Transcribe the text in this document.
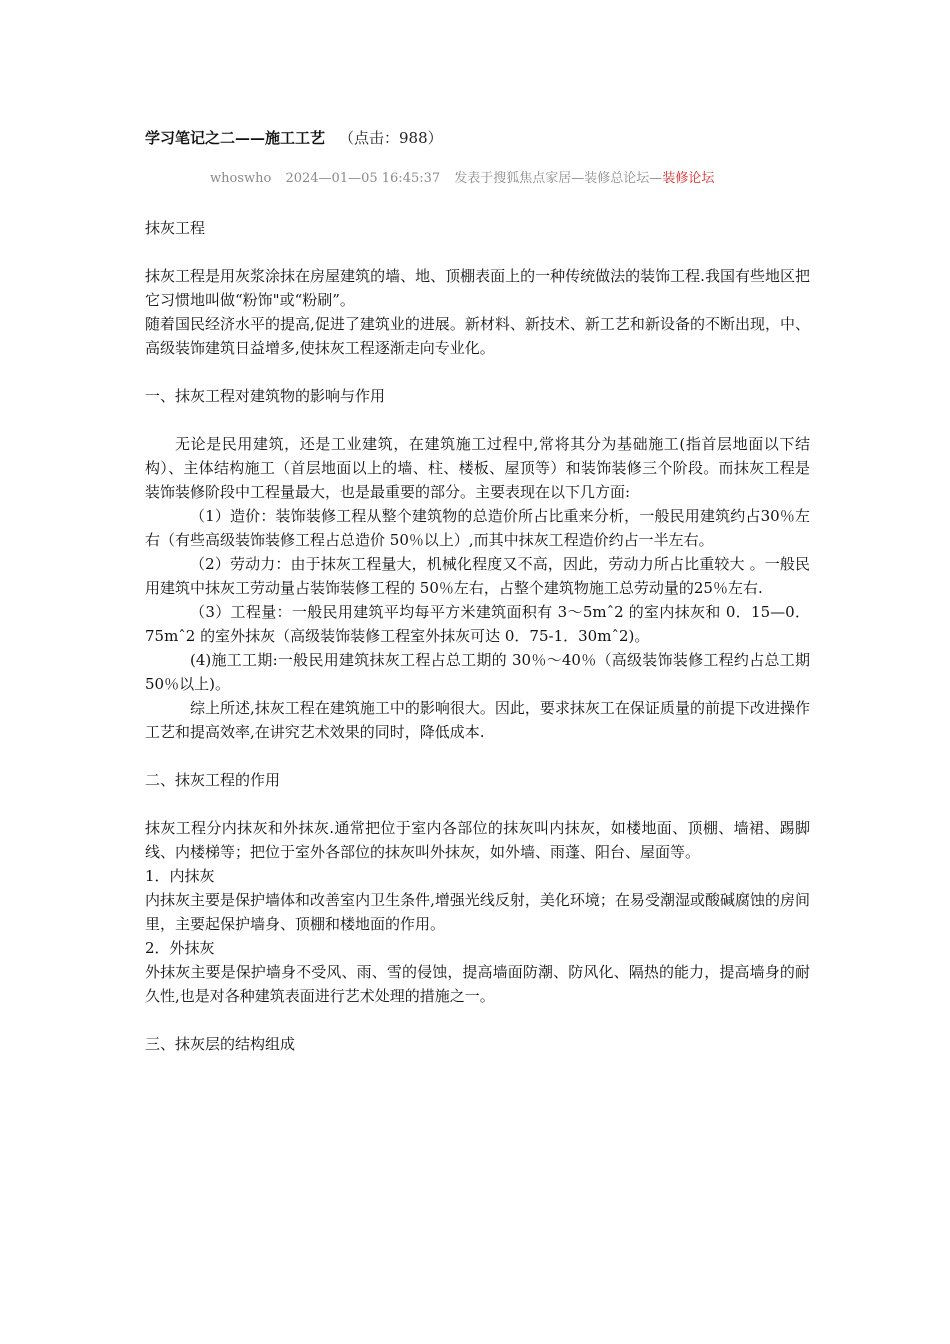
学习笔记之二——施工工艺 （点击：988）
whoswho 2024—01—05 16:45:37 发表于搜狐焦点家居—装修总论坛—装修论坛

抹灰工程

抹灰工程是用灰浆涂抹在房屋建筑的墙、地、顶棚表面上的一种传统做法的装饰工程.我国有些地区把它习惯地叫做“粉饰"或“粉刷”。

随着国民经济水平的提高,促进了建筑业的进展。新材料、新技术、新工艺和新设备的不断出现，中、高级装饰建筑日益增多,使抹灰工程逐渐走向专业化。

一、抹灰工程对建筑物的影响与作用

无论是民用建筑，还是工业建筑，在建筑施工过程中,常将其分为基础施工(指首层地面以下结构）、主体结构施工（首层地面以上的墙、柱、楼板、屋顶等）和装饰装修三个阶段。而抹灰工程是装饰装修阶段中工程量最大，也是最重要的部分。主要表现在以下几方面:

（1）造价：装饰装修工程从整个建筑物的总造价所占比重来分析，一般民用建筑约占30％左右（有些高级装饰装修工程占总造价 50％以上）,而其中抹灰工程造价约占一半左右。

（2）劳动力：由于抹灰工程量大，机械化程度又不高，因此，劳动力所占比重较大 。一般民用建筑中抹灰工劳动量占装饰装修工程的 50％左右，占整个建筑物施工总劳动量的25％左右.

（3）工程量：一般民用建筑平均每平方米建筑面积有 3～5mˆ2 的室内抹灰和 0．15—0．75mˆ2 的室外抹灰（高级装饰装修工程室外抹灰可达 0．75-1．30mˆ2)。

(4)施工工期:一般民用建筑抹灰工程占总工期的 30％～40％（高级装饰装修工程约占总工期 50％以上)。

综上所述,抹灰工程在建筑施工中的影响很大。因此，要求抹灰工在保证质量的前提下改进操作工艺和提高效率,在讲究艺术效果的同时，降低成本.

二、抹灰工程的作用

抹灰工程分内抹灰和外抹灰.通常把位于室内各部位的抹灰叫内抹灰，如楼地面、顶棚、墙裙、踢脚线、内楼梯等；把位于室外各部位的抹灰叫外抹灰，如外墙、雨蓬、阳台、屋面等。

1．内抹灰

内抹灰主要是保护墙体和改善室内卫生条件,增强光线反射，美化环境；在易受潮湿或酸碱腐蚀的房间里，主要起保护墙身、顶棚和楼地面的作用。

2．外抹灰

外抹灰主要是保护墙身不受风、雨、雪的侵蚀，提高墙面防潮、防风化、隔热的能力，提高墙身的耐久性,也是对各种建筑表面进行艺术处理的措施之一。

三、抹灰层的结构组成
